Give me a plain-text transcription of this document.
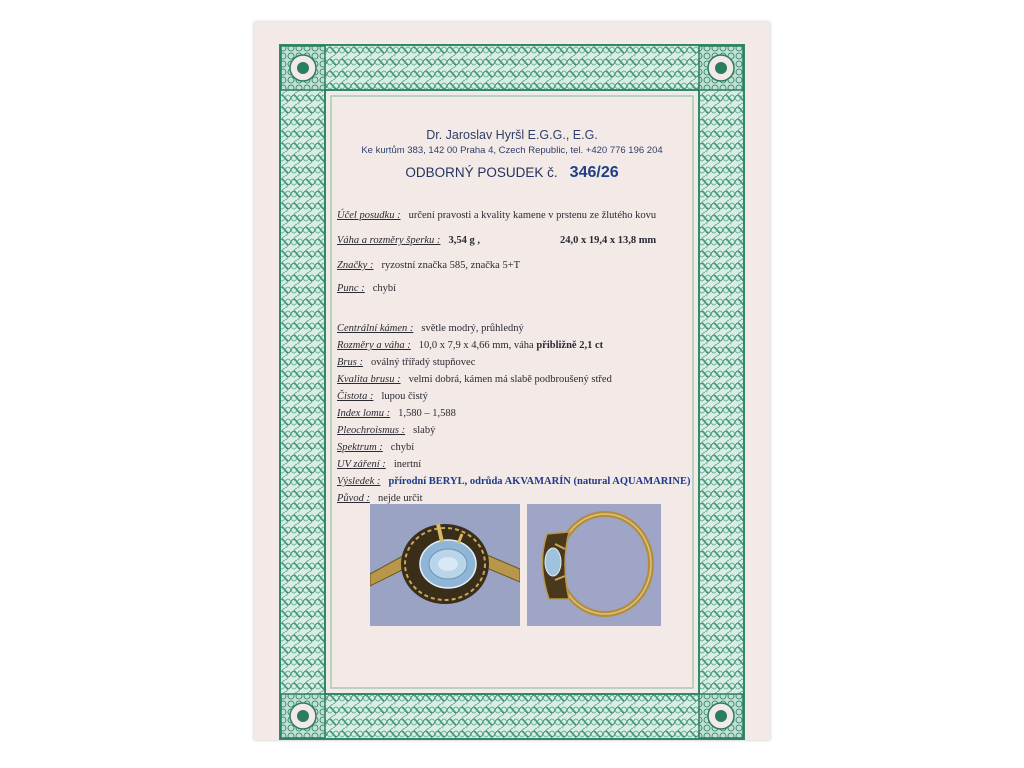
Dr. Jaroslav Hyršl E.G.G., E.G.
Ke kurtům 383, 142 00 Praha 4, Czech Republic, tel. +420 776 196 204
ODBORNÝ POSUDEK č. 346/26
Účel posudku : určení pravosti a kvality kamene v prstenu ze žlutého kovu
Váha a rozměry šperku : 3,54 g ,	24,0 x 19,4 x 13,8 mm
Značky : ryzostní značka 585, značka 5+T
Punc : chybí
Centrální kámen : světle modrý, průhledný
Rozměry a váha : 10,0 x 7,9 x 4,66 mm, váha přibližně 2,1 ct
Brus : oválný třířadý stupňovec
Kvalita brusu : velmi dobrá, kámen má slabě podbroušený střed
Čistota : lupou čistý
Index lomu : 1,580 – 1,588
Pleochroismus : slabý
Spektrum : chybí
UV záření : inertní
Výsledek : přírodní BERYL, odrůda AKVAMARÍN (natural AQUAMARINE)
Původ : nejde určit
